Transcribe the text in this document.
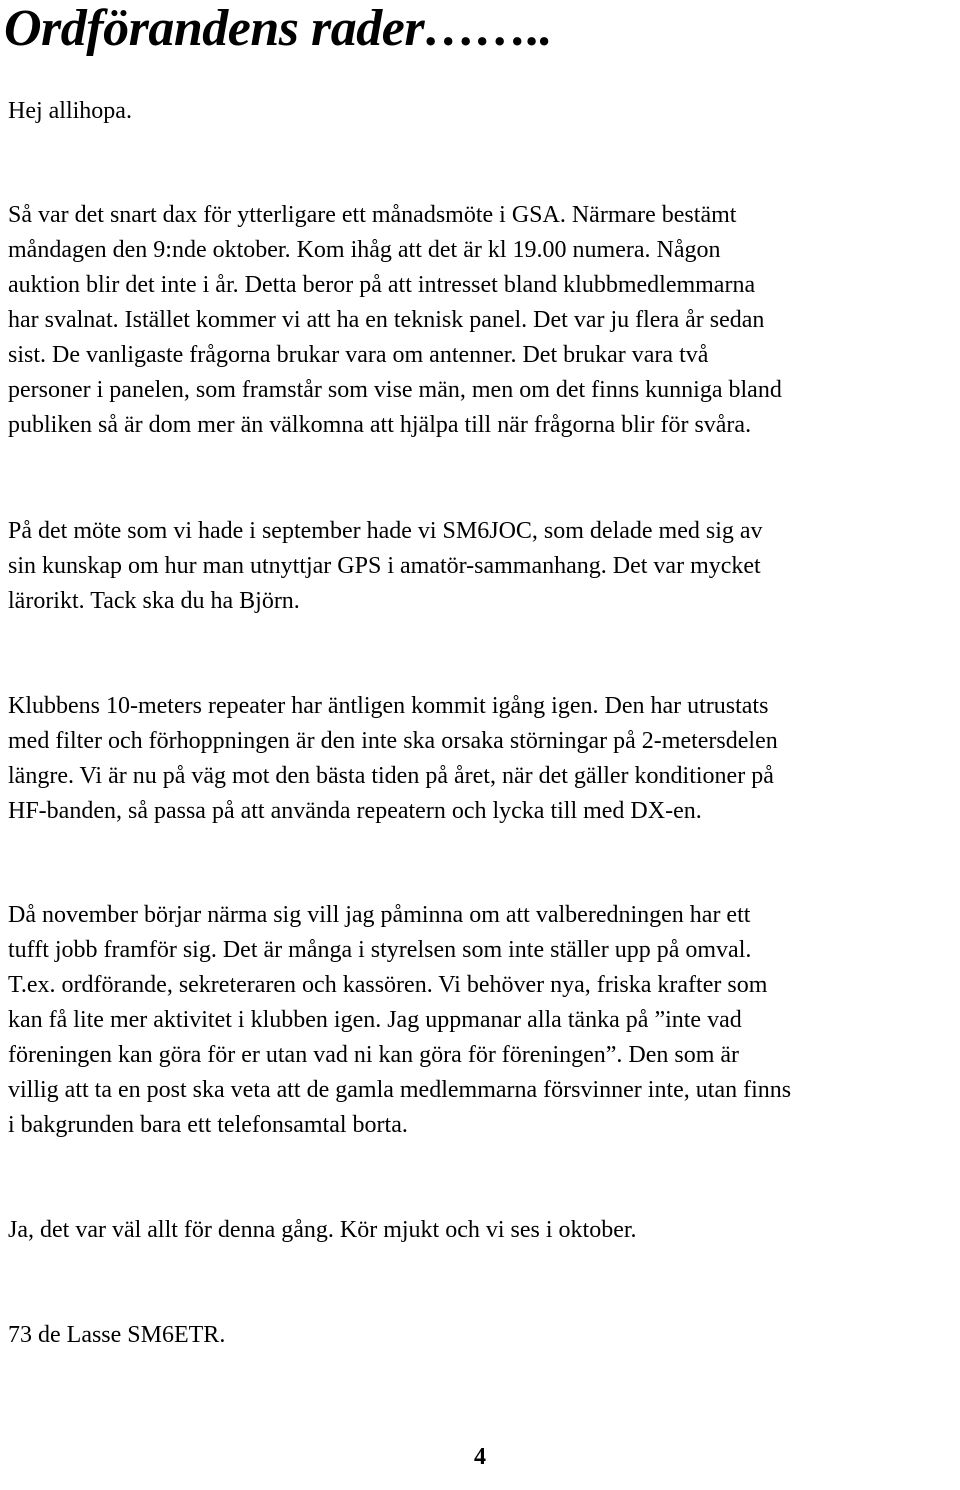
Ordförandens rader……..

Hej allihopa.

Så var det snart dax för ytterligare ett månadsmöte i GSA. Närmare bestämt
måndagen den 9:nde oktober. Kom ihåg att det är kl 19.00 numera. Någon
auktion blir det inte i år. Detta beror på att intresset bland klubbmedlemmarna
har svalnat. Istället kommer vi att ha en teknisk panel. Det var ju flera år sedan
sist. De vanligaste frågorna brukar vara om antenner. Det brukar vara två
personer i panelen, som framstår som vise män, men om det finns kunniga bland
publiken så är dom mer än välkomna att hjälpa till när frågorna blir för svåra.

På det möte som vi hade i september hade vi SM6JOC, som delade med sig av
sin kunskap om hur man utnyttjar GPS i amatör-sammanhang. Det var mycket
lärorikt. Tack ska du ha Björn.

Klubbens 10-meters repeater har äntligen kommit igång igen. Den har utrustats
med filter och förhoppningen är den inte ska orsaka störningar på 2-metersdelen
längre. Vi är nu på väg mot den bästa tiden på året, när det gäller konditioner på
HF-banden, så passa på att använda repeatern och lycka till med DX-en.

Då november börjar närma sig vill jag påminna om att valberedningen har ett
tufft jobb framför sig. Det är många i styrelsen som inte ställer upp på omval.
T.ex. ordförande, sekreteraren och kassören. Vi behöver nya, friska krafter som
kan få lite mer aktivitet i klubben igen. Jag uppmanar alla tänka på ”inte vad
föreningen kan göra för er utan vad ni kan göra för föreningen”. Den som är
villig att ta en post ska veta att de gamla medlemmarna försvinner inte, utan finns
i bakgrunden bara ett telefonsamtal borta.

Ja, det var väl allt för denna gång. Kör mjukt och vi ses i oktober.

73 de Lasse SM6ETR.

4
